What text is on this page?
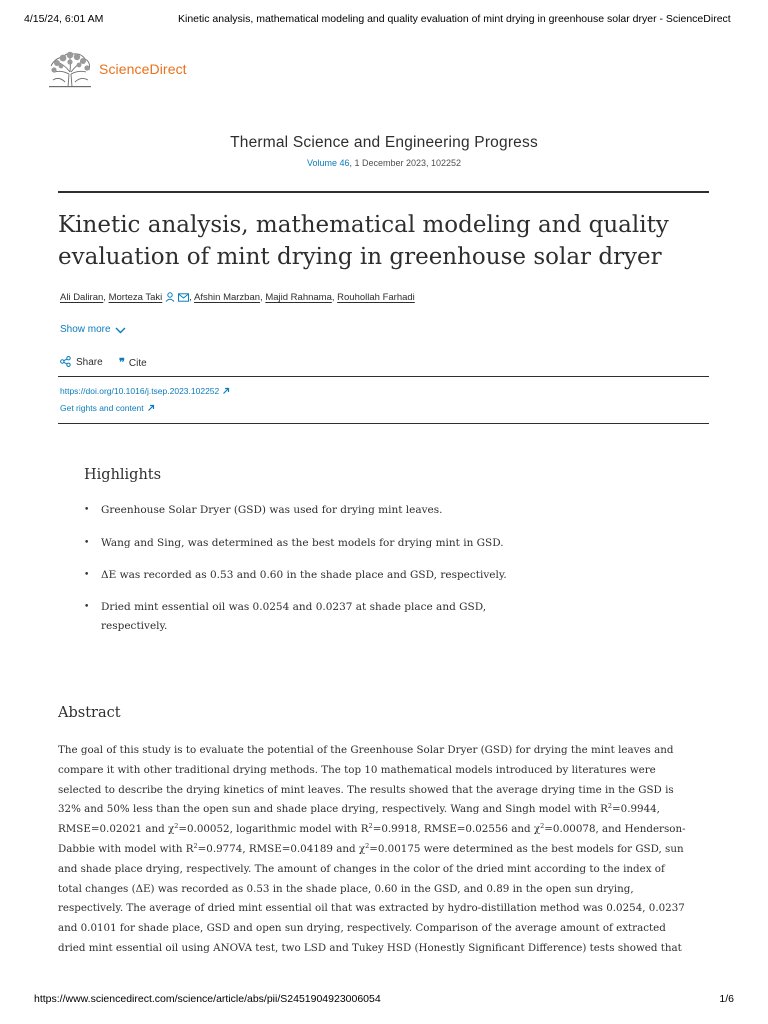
4/15/24, 6:01 AM	Kinetic analysis, mathematical modeling and quality evaluation of mint drying in greenhouse solar dryer - ScienceDirect
ScienceDirect
Thermal Science and Engineering Progress
Volume 46, 1 December 2023, 102252
Kinetic analysis, mathematical modeling and quality evaluation of mint drying in greenhouse solar dryer
Ali Daliran, Morteza Taki	, Afshin Marzban, Majid Rahnama, Rouhollah Farhadi
Show more
Share ❞ Cite
https://doi.org/10.1016/j.tsep.2023.102252
Get rights and content
Highlights
• Greenhouse Solar Dryer (GSD) was used for drying mint leaves.
• Wang and Sing, was determined as the best models for drying mint in GSD.
• ΔE was recorded as 0.53 and 0.60 in the shade place and GSD, respectively.
• Dried mint essential oil was 0.0254 and 0.0237 at shade place and GSD, respectively.
Abstract
The goal of this study is to evaluate the potential of the Greenhouse Solar Dryer (GSD) for drying the mint leaves and
compare it with other traditional drying methods. The top 10 mathematical models introduced by literatures were
selected to describe the drying kinetics of mint leaves. The results showed that the average drying time in the GSD is
32% and 50% less than the open sun and shade place drying, respectively. Wang and Singh model with $R^2=0.9944$,
RMSE=0.02021 and $\chi^2=0.00052$, logarithmic model with $R^2=0.9918$, RMSE=0.02556 and $\chi^2=0.00078$, and Henderson-
Dabbie with model with $R^2=0.9774$, RMSE=0.04189 and $\chi^2=0.00175$ were determined as the best models for GSD, sun
and shade place drying, respectively. The amount of changes in the color of the dried mint according to the index of
total changes (ΔE) was recorded as 0.53 in the shade place, 0.60 in the GSD, and 0.89 in the open sun drying,
respectively. The average of dried mint essential oil that was extracted by hydro-distillation method was 0.0254, 0.0237
and 0.0101 for shade place, GSD and open sun drying, respectively. Comparison of the average amount of extracted
dried mint essential oil using ANOVA test, two LSD and Tukey HSD (Honestly Significant Difference) tests showed that
https://www.sciencedirect.com/science/article/abs/pii/S2451904923006054	1/6
